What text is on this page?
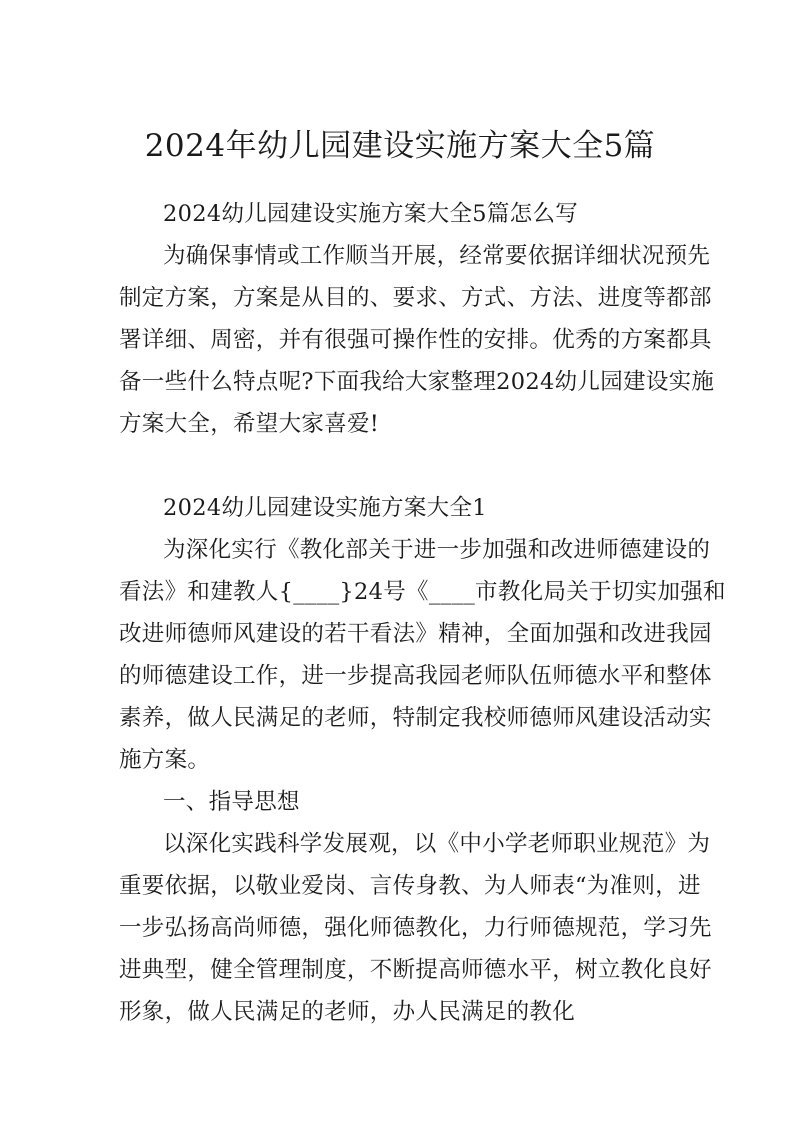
2024年幼儿园建设实施方案大全5篇
2024幼儿园建设实施方案大全5篇怎么写
为确保事情或工作顺当开展，经常要依据详细状况预先
制定方案，方案是从目的、要求、方式、方法、进度等都部
署详细、周密，并有很强可操作性的安排。优秀的方案都具
备一些什么特点呢?下面我给大家整理2024幼儿园建设实施
方案大全，希望大家喜爱!
2024幼儿园建设实施方案大全1
为深化实行《教化部关于进一步加强和改进师德建设的
看法》和建教人{____}24号《____市教化局关于切实加强和
改进师德师风建设的若干看法》精神，全面加强和改进我园
的师德建设工作，进一步提高我园老师队伍师德水平和整体
素养，做人民满足的老师，特制定我校师德师风建设活动实
施方案。
一、指导思想
以深化实践科学发展观，以《中小学老师职业规范》为
重要依据，以敬业爱岗、言传身教、为人师表“为准则，进
一步弘扬高尚师德，强化师德教化，力行师德规范，学习先
进典型，健全管理制度，不断提高师德水平，树立教化良好
形象，做人民满足的老师，办人民满足的教化
